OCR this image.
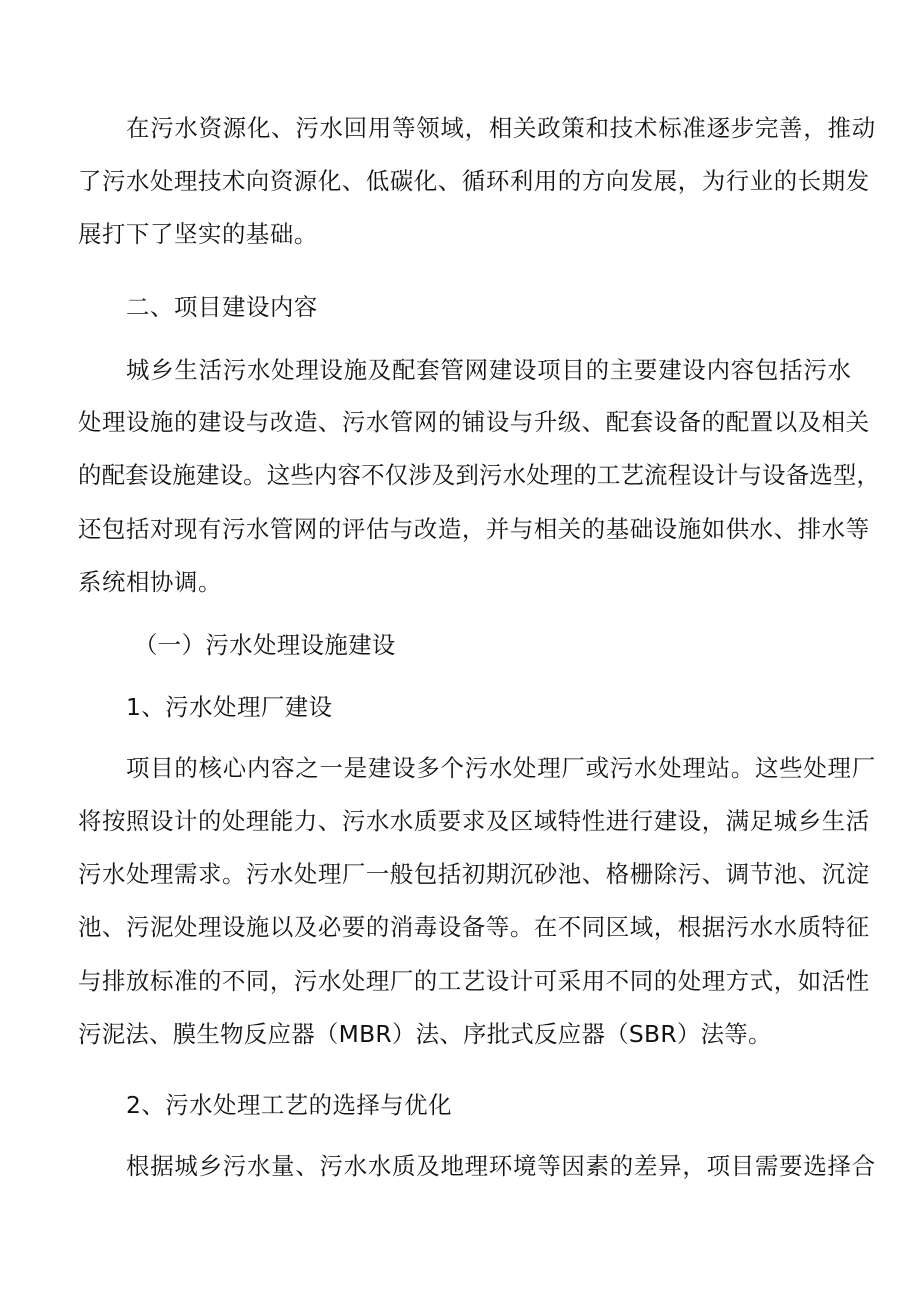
在污水资源化、污水回用等领域，相关政策和技术标准逐步完善，推动

了污水处理技术向资源化、低碳化、循环利用的方向发展，为行业的长期发

展打下了坚实的基础。

二、项目建设内容

城乡生活污水处理设施及配套管网建设项目的主要建设内容包括污水

处理设施的建设与改造、污水管网的铺设与升级、配套设备的配置以及相关

的配套设施建设。这些内容不仅涉及到污水处理的工艺流程设计与设备选型，

还包括对现有污水管网的评估与改造，并与相关的基础设施如供水、排水等

系统相协调。

（一）污水处理设施建设

1、污水处理厂建设

项目的核心内容之一是建设多个污水处理厂或污水处理站。这些处理厂

将按照设计的处理能力、污水水质要求及区域特性进行建设，满足城乡生活

污水处理需求。污水处理厂一般包括初期沉砂池、格栅除污、调节池、沉淀

池、污泥处理设施以及必要的消毒设备等。在不同区域，根据污水水质特征

与排放标准的不同，污水处理厂的工艺设计可采用不同的处理方式，如活性

污泥法、膜生物反应器（MBR）法、序批式反应器（SBR）法等。

2、污水处理工艺的选择与优化

根据城乡污水量、污水水质及地理环境等因素的差异，项目需要选择合
